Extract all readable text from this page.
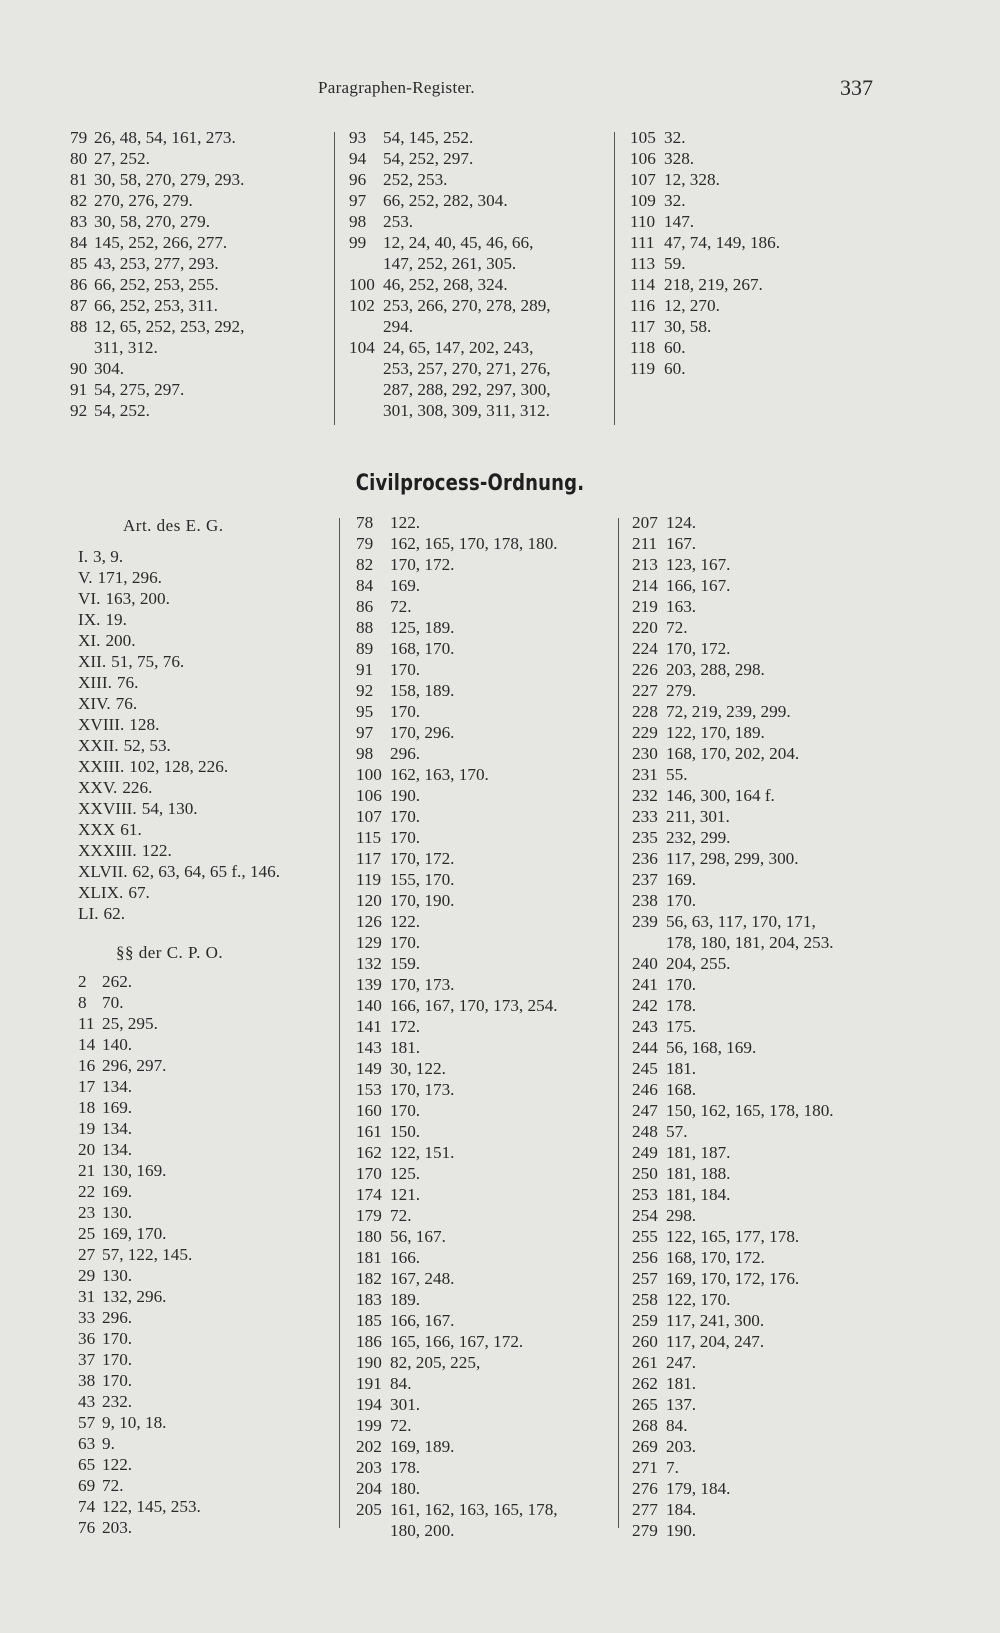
Paragraphen-Register.	337
79 26, 48, 54, 161, 273.
80 27, 252.
81 30, 58, 270, 279, 293.
82 270, 276, 279.
83 30, 58, 270, 279.
84 145, 252, 266, 277.
85 43, 253, 277, 293.
86 66, 252, 253, 255.
87 66, 252, 253, 311.
88 12, 65, 252, 253, 292,
311, 312.
90 304.
91 54, 275, 297.
92 54, 252.
93 54, 145, 252.
94 54, 252, 297.
96 252, 253.
97 66, 252, 282, 304.
98 253.
99 12, 24, 40, 45, 46, 66,
147, 252, 261, 305.
100 46, 252, 268, 324.
102 253, 266, 270, 278, 289,
294.
104 24, 65, 147, 202, 243,
253, 257, 270, 271, 276,
287, 288, 292, 297, 300,
301, 308, 309, 311, 312.
105 32.
106 328.
107 12, 328.
109 32.
110 147.
111 47, 74, 149, 186.
113 59.
114 218, 219, 267.
116 12, 270.
117 30, 58.
118 60.
119 60.
Civilprocess-Ordnung.
Art. des E. G.
I. 3, 9.
V. 171, 296.
VI. 163, 200.
IX. 19.
XI. 200.
XII. 51, 75, 76.
XIII. 76.
XIV. 76.
XVIII. 128.
XXII. 52, 53.
XXIII. 102, 128, 226.
XXV. 226.
XXVIII. 54, 130.
XXX 61.
XXXIII. 122.
XLVII. 62, 63, 64, 65 f., 146.
XLIX. 67.
LI. 62.
§§ der C. P. O.
2 262.
8 70.
11 25, 295.
14 140.
16 296, 297.
17 134.
18 169.
19 134.
20 134.
21 130, 169.
22 169.
23 130.
25 169, 170.
27 57, 122, 145.
29 130.
31 132, 296.
33 296.
36 170.
37 170.
38 170.
43 232.
57 9, 10, 18.
63 9.
65 122.
69 72.
74 122, 145, 253.
76 203.
78 122.
79 162, 165, 170, 178, 180.
82 170, 172.
84 169.
86 72.
88 125, 189.
89 168, 170.
91 170.
92 158, 189.
95 170.
97 170, 296.
98 296.
100 162, 163, 170.
106 190.
107 170.
115 170.
117 170, 172.
119 155, 170.
120 170, 190.
126 122.
129 170.
132 159.
139 170, 173.
140 166, 167, 170, 173, 254.
141 172.
143 181.
149 30, 122.
153 170, 173.
160 170.
161 150.
162 122, 151.
170 125.
174 121.
179 72.
180 56, 167.
181 166.
182 167, 248.
183 189.
185 166, 167.
186 165, 166, 167, 172.
190 82, 205, 225,
191 84.
194 301.
199 72.
202 169, 189.
203 178.
204 180.
205 161, 162, 163, 165, 178,
180, 200.
207 124.
211 167.
213 123, 167.
214 166, 167.
219 163.
220 72.
224 170, 172.
226 203, 288, 298.
227 279.
228 72, 219, 239, 299.
229 122, 170, 189.
230 168, 170, 202, 204.
231 55.
232 146, 300, 164 f.
233 211, 301.
235 232, 299.
236 117, 298, 299, 300.
237 169.
238 170.
239 56, 63, 117, 170, 171,
178, 180, 181, 204, 253.
240 204, 255.
241 170.
242 178.
243 175.
244 56, 168, 169.
245 181.
246 168.
247 150, 162, 165, 178, 180.
248 57.
249 181, 187.
250 181, 188.
253 181, 184.
254 298.
255 122, 165, 177, 178.
256 168, 170, 172.
257 169, 170, 172, 176.
258 122, 170.
259 117, 241, 300.
260 117, 204, 247.
261 247.
262 181.
265 137.
268 84.
269 203.
271 7.
276 179, 184.
277 184.
279 190.
